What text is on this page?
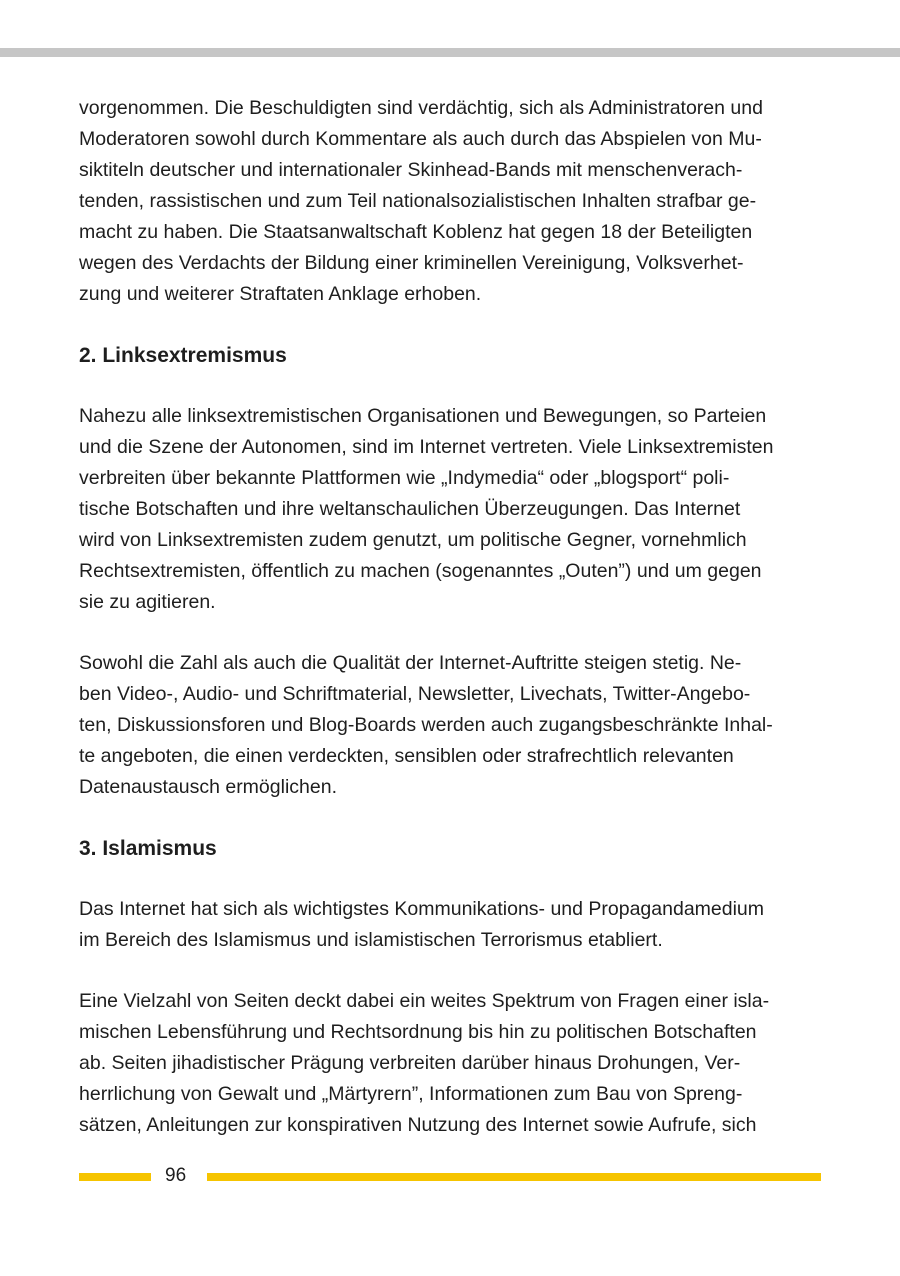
vorgenommen. Die Beschuldigten sind verdächtig, sich als Administratoren und
Moderatoren sowohl durch Kommentare als auch durch das Abspielen von Mu-
siktiteln deutscher und internationaler Skinhead-Bands mit menschenverach-
tenden, rassistischen und zum Teil nationalsozialistischen Inhalten strafbar ge-
macht zu haben. Die Staatsanwaltschaft Koblenz hat gegen 18 der Beteiligten
wegen des Verdachts der Bildung einer kriminellen Vereinigung, Volksverhet-
zung und weiterer Straftaten Anklage erhoben.
2. Linksextremismus
Nahezu alle linksextremistischen Organisationen und Bewegungen, so Parteien
und die Szene der Autonomen, sind im Internet vertreten. Viele Linksextremisten
verbreiten über bekannte Plattformen wie „Indymedia“ oder „blogsport“ poli-
tische Botschaften und ihre weltanschaulichen Überzeugungen. Das Internet
wird von Linksextremisten zudem genutzt, um politische Gegner, vornehmlich
Rechtsextremisten, öffentlich zu machen (sogenanntes „Outen”) und um gegen
sie zu agitieren.
Sowohl die Zahl als auch die Qualität der Internet-Auftritte steigen stetig. Ne-
ben Video-, Audio- und Schriftmaterial, Newsletter, Livechats, Twitter-Angebo-
ten, Diskussionsforen und Blog-Boards werden auch zugangsbeschränkte Inhal-
te angeboten, die einen verdeckten, sensiblen oder strafrechtlich relevanten
Datenaustausch ermöglichen.
3. Islamismus
Das Internet hat sich als wichtigstes Kommunikations- und Propagandamedium
im Bereich des Islamismus und islamistischen Terrorismus etabliert.
Eine Vielzahl von Seiten deckt dabei ein weites Spektrum von Fragen einer isla-
mischen Lebensführung und Rechtsordnung bis hin zu politischen Botschaften
ab. Seiten jihadistischer Prägung verbreiten darüber hinaus Drohungen, Ver-
herrlichung von Gewalt und „Märtyrern”, Informationen zum Bau von Spreng-
sätzen, Anleitungen zur konspirativen Nutzung des Internet sowie Aufrufe, sich
96
